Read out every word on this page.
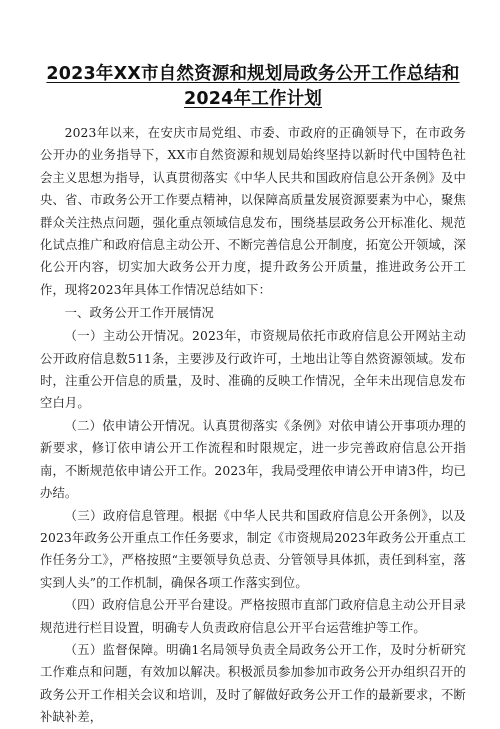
2023年XX市自然资源和规划局政务公开工作总结和
2024年工作计划

2023年以来，在安庆市局党组、市委、市政府的正确领导下，在市政务公开办的业务指导下，XX市自然资源和规划局始终坚持以新时代中国特色社会主义思想为指导，认真贯彻落实《中华人民共和国政府信息公开条例》及中央、省、市政务公开工作要点精神，以保障高质量发展资源要素为中心，聚焦群众关注热点问题，强化重点领域信息发布，围绕基层政务公开标准化、规范化试点推广和政府信息主动公开、不断完善信息公开制度，拓宽公开领域，深化公开内容，切实加大政务公开力度，提升政务公开质量，推进政务公开工作，现将2023年具体工作情况总结如下：

一、政务公开工作开展情况

（一）主动公开情况。2023年，市资规局依托市政府信息公开网站主动公开政府信息数511条，主要涉及行政许可，土地出让等自然资源领域。发布时，注重公开信息的质量，及时、准确的反映工作情况，全年未出现信息发布空白月。

（二）依申请公开情况。认真贯彻落实《条例》对依申请公开事项办理的新要求，修订依申请公开工作流程和时限规定，进一步完善政府信息公开指南，不断规范依申请公开工作。2023年，我局受理依申请公开申请3件，均已办结。

（三）政府信息管理。根据《中华人民共和国政府信息公开条例》，以及2023年政务公开重点工作任务要求，制定《市资规局2023年政务公开重点工作任务分工》，严格按照“主要领导负总责、分管领导具体抓，责任到科室，落实到人头”的工作机制，确保各项工作落实到位。

（四）政府信息公开平台建设。严格按照市直部门政府信息主动公开目录规范进行栏目设置，明确专人负责政府信息公开平台运营维护等工作。

（五）监督保障。明确1名局领导负责全局政务公开工作，及时分析研究工作难点和问题，有效加以解决。积极派员参加参加市政务公开办组织召开的政务公开工作相关会议和培训，及时了解做好政务公开工作的最新要求，不断补缺补差，
